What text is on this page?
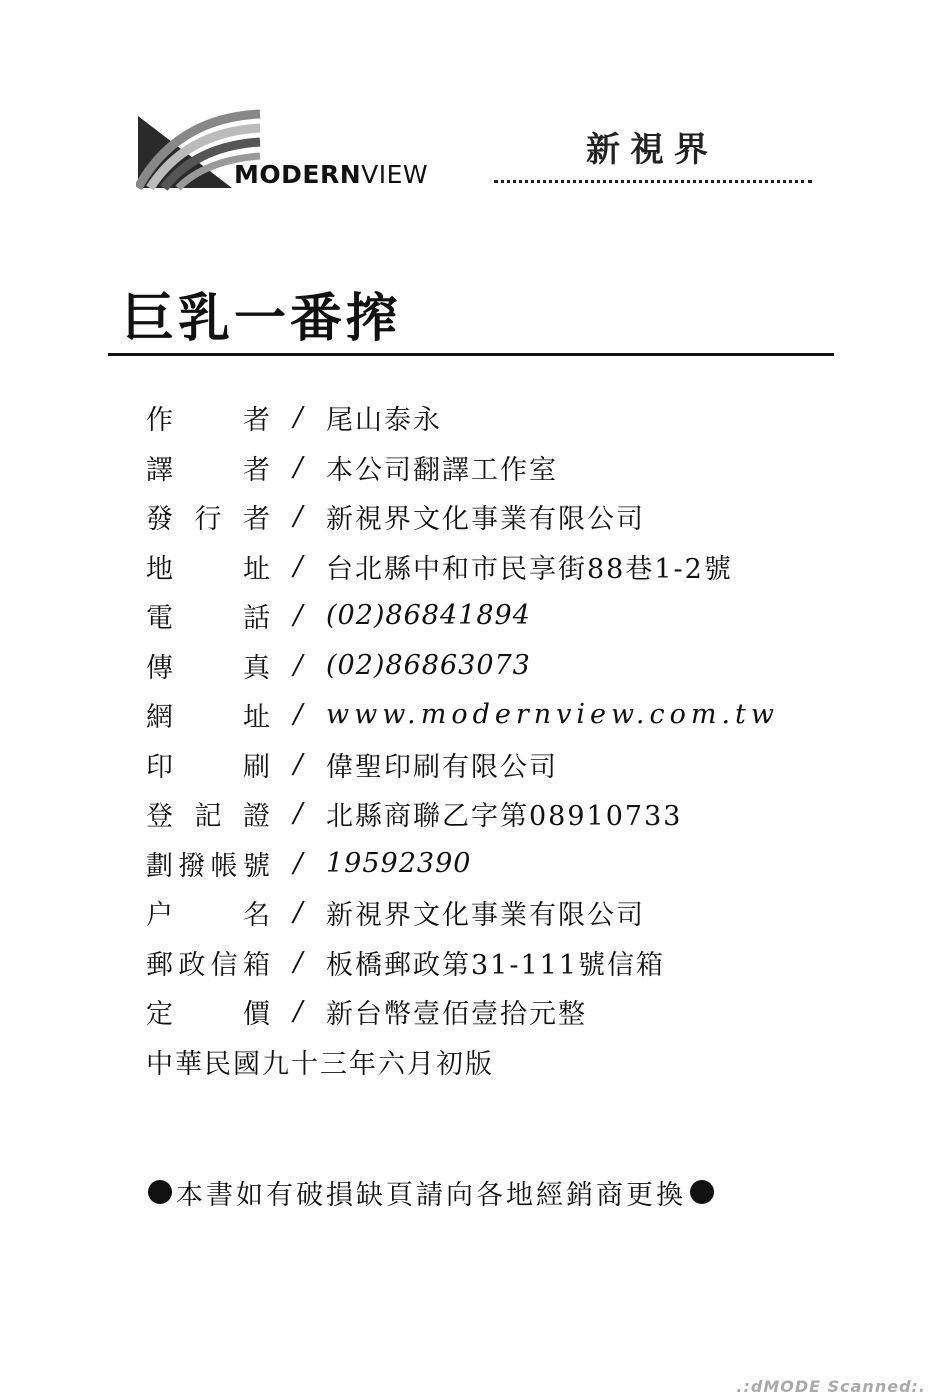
MODERNVIEW
新視界
巨乳一番搾
作者 / 尾山泰永
譯者 / 本公司翻譯工作室
發行者 / 新視界文化事業有限公司
地址 / 台北縣中和市民享街88巷1-2號
電話 / (02)86841894
傳真 / (02)86863073
網址 / www.modernview.com.tw
印刷 / 偉聖印刷有限公司
登記證 / 北縣商聯乙字第08910733
劃撥帳號 / 19592390
户名 / 新視界文化事業有限公司
郵政信箱 / 板橋郵政第31-111號信箱
定價 / 新台幣壹佰壹拾元整
中華民國九十三年六月初版
本書如有破損缺頁請向各地經銷商更換
.:dMODE Scanned:.
